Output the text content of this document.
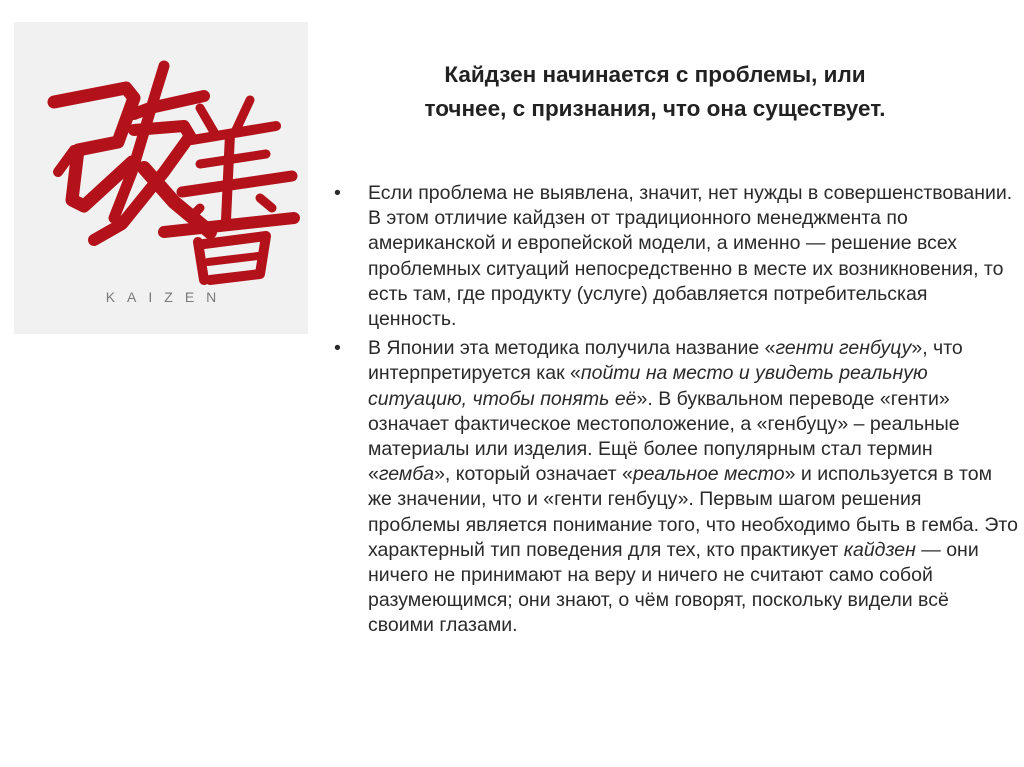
KAIZEN
Кайдзен начинается с проблемы, или
точнее, с признания, что она существует.
• Если проблема не выявлена, значит, нет нужды в совершенствовании. В этом отличие кайдзен от традиционного менеджмента по американской и европейской модели, а именно — решение всех проблемных ситуаций непосредственно в месте их возникновения, то есть там, где продукту (услуге) добавляется потребительская ценность.
• В Японии эта методика получила название «генти генбуцу», что интерпретируется как «пойти на место и увидеть реальную ситуацию, чтобы понять её». В буквальном переводе «генти» означает фактическое местоположение, а «генбуцу» – реальные материалы или изделия. Ещё более популярным стал термин «гемба», который означает «реальное место» и используется в том же значении, что и «генти генбуцу». Первым шагом решения проблемы является понимание того, что необходимо быть в гемба. Это характерный тип поведения для тех, кто практикует кайдзен — они ничего не принимают на веру и ничего не считают само собой разумеющимся; они знают, о чём говорят, поскольку видели всё своими глазами.
